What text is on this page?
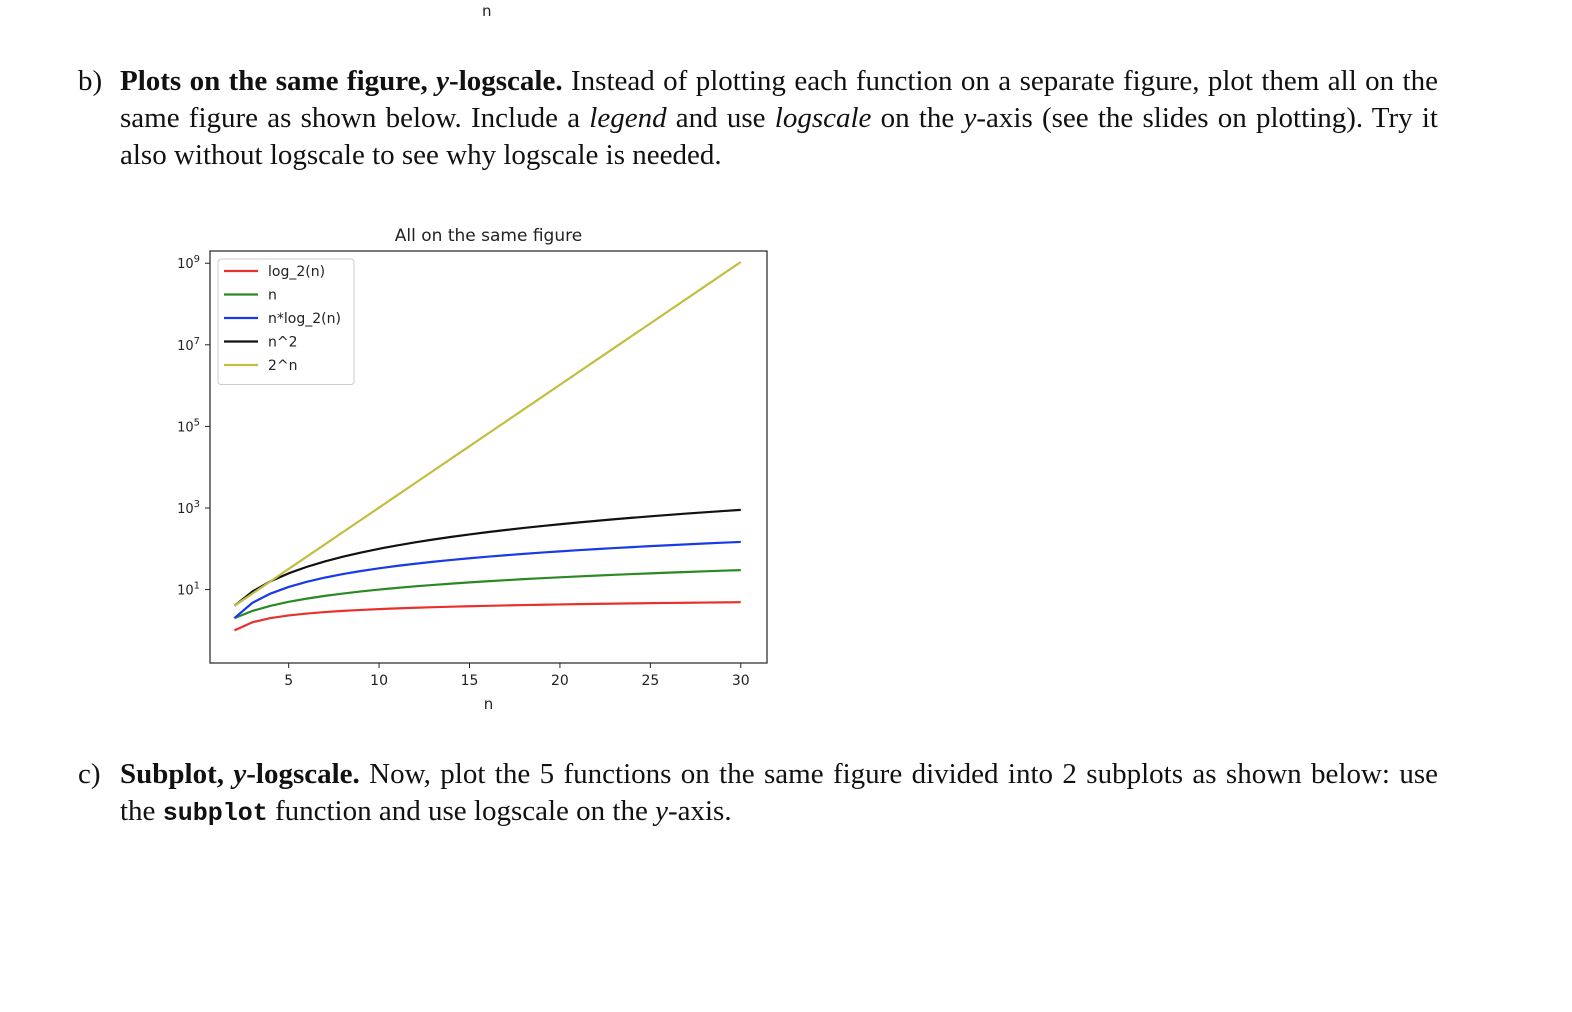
n
b) Plots on the same figure, y-logscale. Instead of plotting each function on a separate figure, plot them all on the same figure as shown below. Include a legend and use logscale on the y-axis (see the slides on plotting). Try it also without logscale to see why logscale is needed.
All on the same figure
5	10	15	20	25	30
$10^1$
$10^3$
$10^5$
$10^7$
$10^9$
n
log_2(n)
n
n*log_2(n)
n^2
2^n
c) Subplot, y-logscale. Now, plot the 5 functions on the same figure divided into 2 subplots as shown below: use the subplot function and use logscale on the y-axis.
